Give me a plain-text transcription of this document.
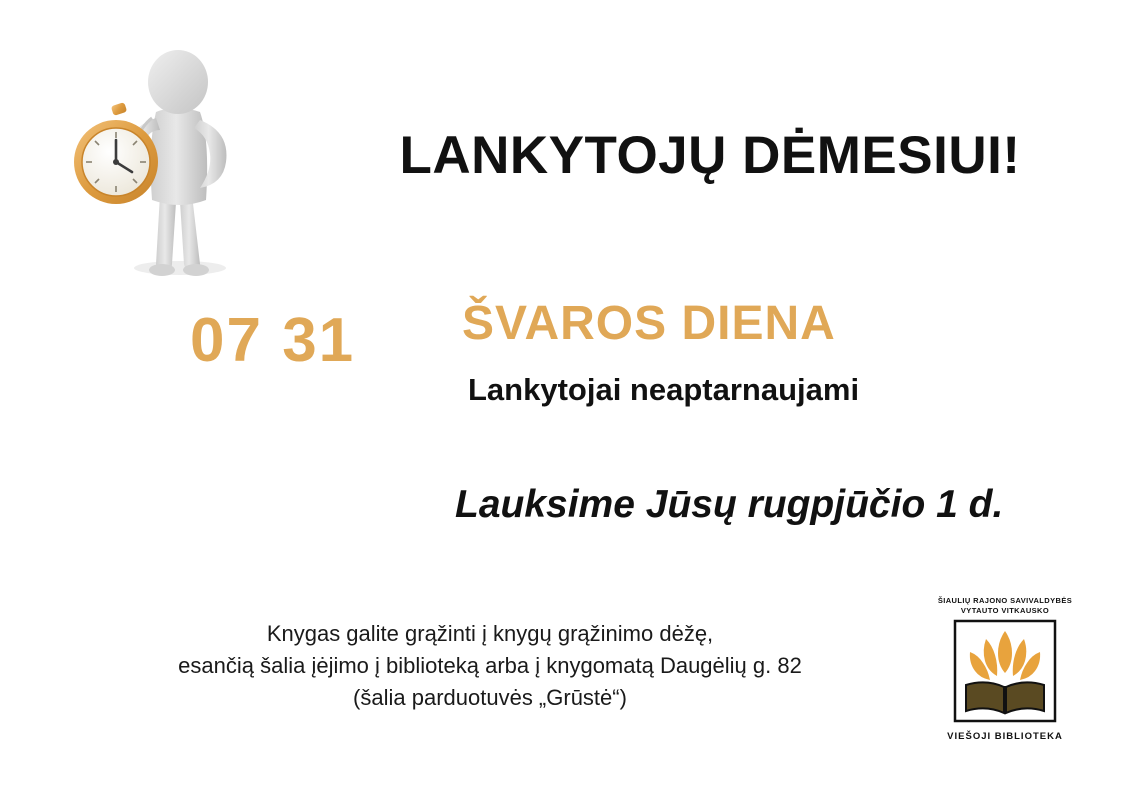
LANKYTOJŲ DĖMESIUI!
07 31 ŠVAROS DIENA
Lankytojai neaptarnaujami
Lauksime Jūsų rugpjūčio 1 d.
Knygas galite grąžinti į knygų grąžinimo dėžę,
esančią šalia įėjimo į biblioteką arba į knygomatą Daugėlių g. 82
(šalia parduotuvės „Grūstė“)
ŠIAULIŲ RAJONO SAVIVALDYBĖS
VYTAUTO VITKAUSKO
VIEŠOJI BIBLIOTEKA
